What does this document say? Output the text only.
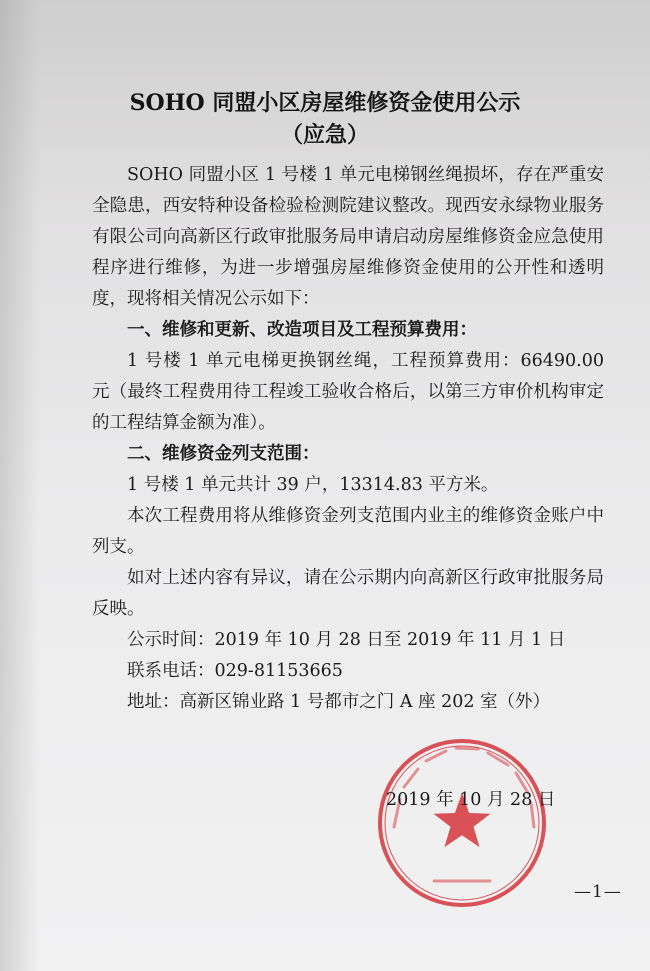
SOHO 同盟小区房屋维修资金使用公示
（应急）

SOHO 同盟小区 1 号楼 1 单元电梯钢丝绳损坏，存在严重安全隐患，西安特种设备检验检测院建议整改。现西安永绿物业服务有限公司向高新区行政审批服务局申请启动房屋维修资金应急使用程序进行维修，为进一步增强房屋维修资金使用的公开性和透明度，现将相关情况公示如下：

一、维修和更新、改造项目及工程预算费用：

1 号楼 1 单元电梯更换钢丝绳，工程预算费用：66490.00 元（最终工程费用待工程竣工验收合格后，以第三方审价机构审定的工程结算金额为准）。

二、维修资金列支范围：

1 号楼 1 单元共计 39 户，13314.83 平方米。

本次工程费用将从维修资金列支范围内业主的维修资金账户中列支。

如对上述内容有异议，请在公示期内向高新区行政审批服务局反映。

公示时间：2019 年 10 月 28 日至 2019 年 11 月 1 日

联系电话：029-81153665

地址：高新区锦业路 1 号都市之门 A 座 202 室（外）

2019 年 10 月 28 日
—1—
